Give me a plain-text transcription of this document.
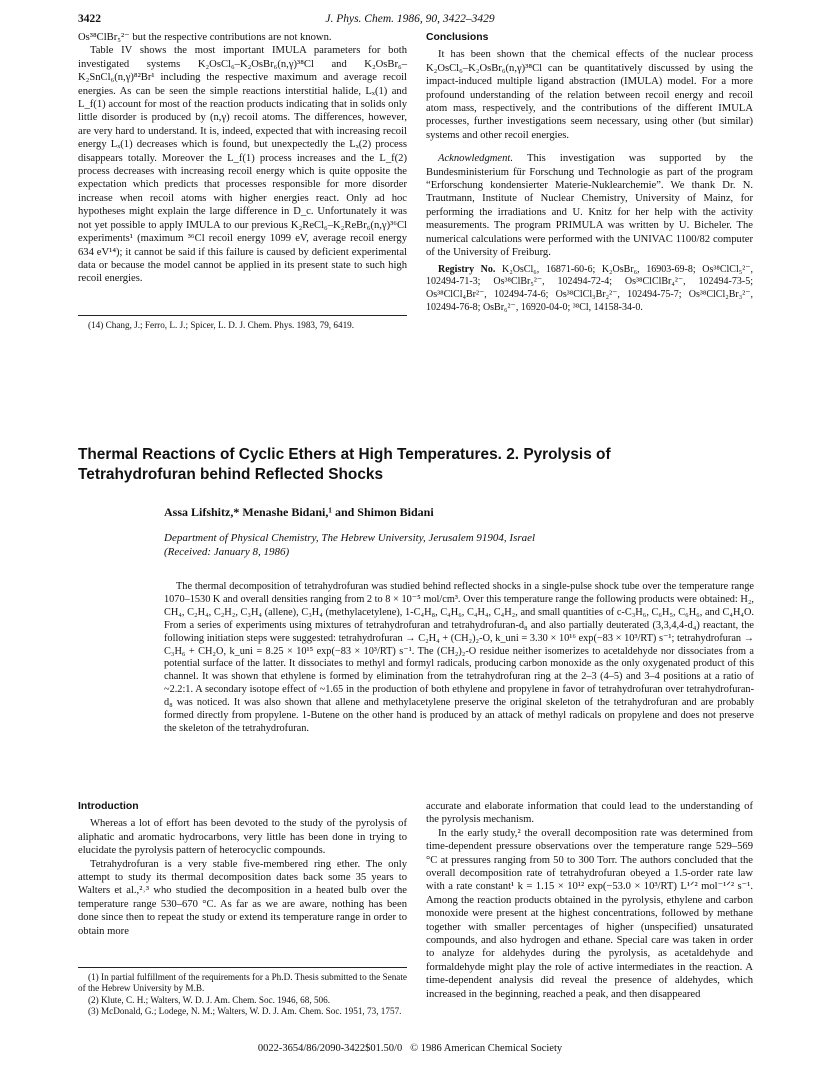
3422	J. Phys. Chem. 1986, 90, 3422–3429

Os³⁸ClBr₅²⁻ but the respective contributions are not known.

Table IV shows the most important IMULA parameters for both investigated systems K₂OsCl₆–K₂OsBr₆(n,γ)³⁸Cl and K₂OsBr₆–K₂SnCl₆(n,γ)⁸²Br¹ including the respective maximum and average recoil energies. As can be seen the simple reactions interstitial halide, Lₓ(1) and L_f(1) account for most of the reaction products indicating that in solids only little disorder is produced by (n,γ) recoil atoms. The differences, however, are very hard to understand. It is, indeed, expected that with increasing recoil energy Lₓ(1) decreases which is found, but unexpectedly the Lₓ(2) process disappears totally. Moreover the L_f(1) process increases and the L_f(2) process decreases with increasing recoil energy which is quite opposite the expectation which predicts that processes responsible for more disorder increase when recoil atoms with higher energies react. Only ad hoc hypotheses might explain the large difference in D_c. Unfortunately it was not yet possible to apply IMULA to our previous K₂ReCl₆–K₂ReBr₆(n,γ)³⁶Cl experiments¹ (maximum ³⁶Cl recoil energy 1099 eV, average recoil energy 634 eV¹⁴); it cannot be said if this failure is caused by deficient experimental data or because the model cannot be applied in its present state to such high recoil energies.

(14) Chang, J.; Ferro, L. J.; Spicer, L. D. J. Chem. Phys. 1983, 79, 6419.

Conclusions

It has been shown that the chemical effects of the nuclear process K₂OsCl₆–K₂OsBr₆(n,γ)³⁸Cl can be quantitatively discussed by using the impact-induced multiple ligand abstraction (IMULA) model. For a more profound understanding of the relation between recoil energy and recoil atom mass, respectively, and the contributions of the different IMULA processes, further investigations seem necessary, using other (but similar) systems and other recoil energies.

Acknowledgment. This investigation was supported by the Bundesministerium für Forschung und Technologie as part of the program “Erforschung kondensierter Materie-Nuklearchemie”. We thank Dr. N. Trautmann, Institute of Nuclear Chemistry, University of Mainz, for performing the irradiations and U. Knitz for her help with the activity measurements. The program PRIMULA was written by U. Bicheler. The numerical calculations were performed with the UNIVAC 1100/82 computer of the University of Freiburg.

Registry No. K₂OsCl₆, 16871-60-6; K₂OsBr₆, 16903-69-8; Os³⁸ClCl₅²⁻, 102494-71-3; Os³⁸ClBr₅²⁻, 102494-72-4; Os³⁸ClClBr₄²⁻, 102494-73-5; Os³⁸ClCl₄Br²⁻, 102494-74-6; Os³⁸ClCl₃Br₂²⁻, 102494-75-7; Os³⁸ClCl₂Br₃²⁻, 102494-76-8; OsBr₆²⁻, 16920-04-0; ³⁸Cl, 14158-34-0.

Thermal Reactions of Cyclic Ethers at High Temperatures. 2. Pyrolysis of
Tetrahydrofuran behind Reflected Shocks
Assa Lifshitz,* Menashe Bidani,¹ and Shimon Bidani
Department of Physical Chemistry, The Hebrew University, Jerusalem 91904, Israel
(Received: January 8, 1986)

The thermal decomposition of tetrahydrofuran was studied behind reflected shocks in a single-pulse shock tube over the temperature range 1070–1530 K and overall densities ranging from 2 to 8 × 10⁻⁵ mol/cm³. Over this temperature range the following products were obtained: H₂, CH₄, C₂H₄, C₂H₂, C₃H₄ (allene), C₃H₄ (methylacetylene), 1-C₄H₈, C₄H₆, C₄H₄, C₄H₂, and small quantities of c-C₃H₆, C₆H₅, C₆H₆, and C₄H₄O. From a series of experiments using mixtures of tetrahydrofuran and tetrahydrofuran-d₈ and also partially deuterated (3,3,4,4-d₄) reactant, the following initiation steps were suggested: tetrahydrofuran → C₂H₄ + (CH₂)₂-O, k_uni = 3.30 × 10¹⁶ exp(−83 × 10³/RT) s⁻¹; tetrahydrofuran → C₃H₆ + CH₂O, k_uni = 8.25 × 10¹⁵ exp(−83 × 10³/RT) s⁻¹. The (CH₂)₂-O residue neither isomerizes to acetaldehyde nor dissociates from a potential surface of the latter. It dissociates to methyl and formyl radicals, producing carbon monoxide as the only oxygenated product of this channel. It was shown that ethylene is formed by elimination from the tetrahydrofuran ring at the 2–3 (4–5) and 3–4 positions at a ratio of ~2.2:1. A secondary isotope effect of ~1.65 in the production of both ethylene and propylene in favor of tetrahydrofuran over tetrahydrofuran-d₈ was noticed. It was also shown that allene and methylacetylene preserve the original skeleton of the tetrahydrofuran and are probably formed directly from propylene. 1-Butene on the other hand is produced by an attack of methyl radicals on propylene and does not preserve the skeleton of the tetrahydrofuran.

Introduction

Whereas a lot of effort has been devoted to the study of the pyrolysis of aliphatic and aromatic hydrocarbons, very little has been done in trying to elucidate the pyrolysis pattern of heterocyclic compounds.

Tetrahydrofuran is a very stable five-membered ring ether. The only attempt to study its thermal decomposition dates back some 35 years to Walters et al.,²˒³ who studied the decomposition in a heated bulb over the temperature range 530–670 °C. As far as we are aware, nothing has been done since then to repeat the study or extend its temperature range in order to obtain more

(1) In partial fulfillment of the requirements for a Ph.D. Thesis submitted to the Senate of the Hebrew University by M.B.

(2) Klute, C. H.; Walters, W. D. J. Am. Chem. Soc. 1946, 68, 506.

(3) McDonald, G.; Lodege, N. M.; Walters, W. D. J. Am. Chem. Soc. 1951, 73, 1757.

accurate and elaborate information that could lead to the understanding of the pyrolysis mechanism.

In the early study,² the overall decomposition rate was determined from time-dependent pressure observations over the temperature range 529–569 °C at pressures ranging from 50 to 300 Torr. The authors concluded that the overall decomposition rate of tetrahydrofuran obeyed a 1.5-order rate law with a rate constant¹ k = 1.15 × 10¹² exp(−53.0 × 10³/RT) L¹ᐟ² mol⁻¹ᐟ² s⁻¹. Among the reaction products obtained in the pyrolysis, ethylene and carbon monoxide were present at the highest concentrations, followed by methane together with smaller percentages of higher (unspecified) unsaturated compounds, and also hydrogen and ethane. Special care was taken in order to analyze for aldehydes during the pyrolysis, as acetaldehyde and formaldehyde might play the role of active intermediates in the reaction. A time-dependent analysis did reveal the presence of aldehydes, which increased in the beginning, reached a peak, and then disappeared

0022-3654/86/2090-3422$01.50/0 © 1986 American Chemical Society
